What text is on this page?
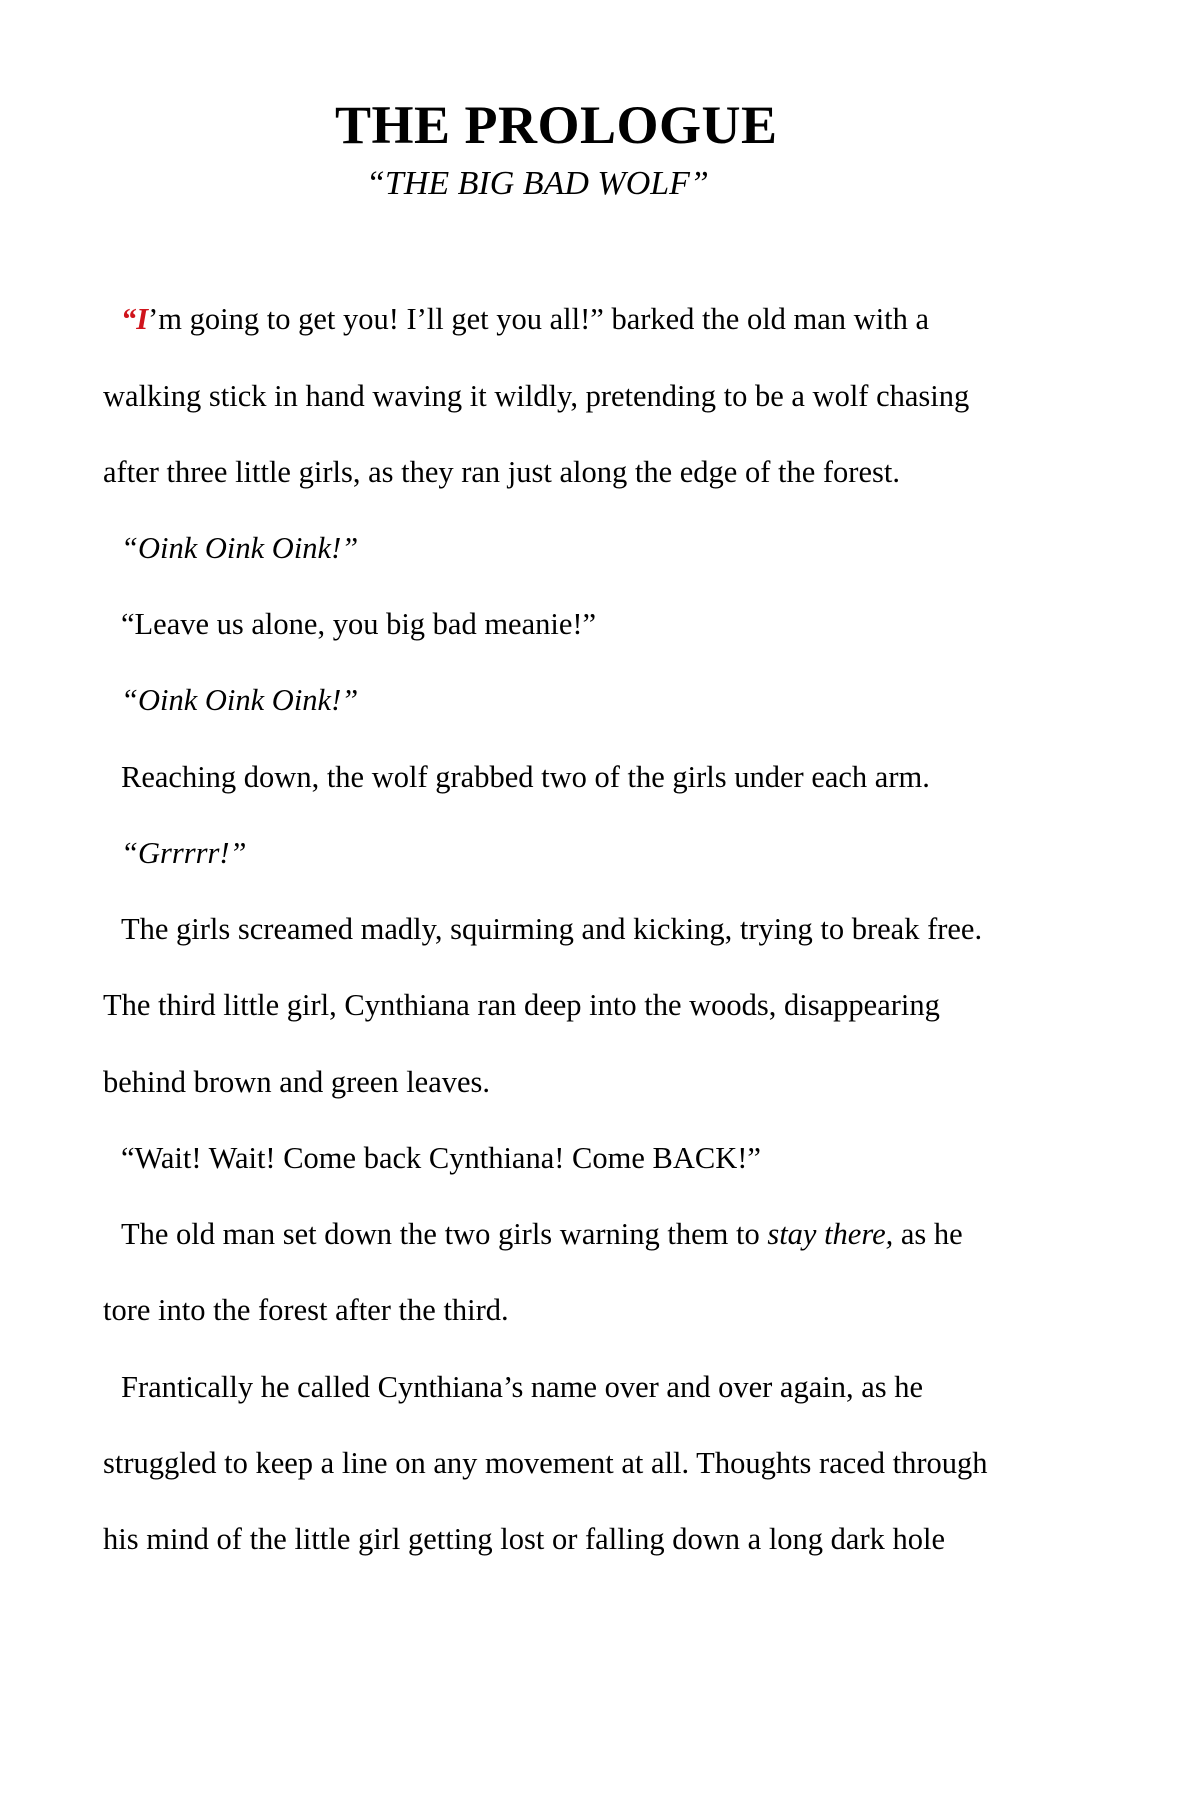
THE PROLOGUE
“THE BIG BAD WOLF”
“I’m going to get you! I’ll get you all!” barked the old man with a
walking stick in hand waving it wildly, pretending to be a wolf chasing
after three little girls, as they ran just along the edge of the forest.
“Oink Oink Oink!”
“Leave us alone, you big bad meanie!”
“Oink Oink Oink!”
Reaching down, the wolf grabbed two of the girls under each arm.
“Grrrrr!”
The girls screamed madly, squirming and kicking, trying to break free.
The third little girl, Cynthiana ran deep into the woods, disappearing
behind brown and green leaves.
“Wait! Wait! Come back Cynthiana! Come BACK!”
The old man set down the two girls warning them to stay there, as he
tore into the forest after the third.
Frantically he called Cynthiana’s name over and over again, as he
struggled to keep a line on any movement at all. Thoughts raced through
his mind of the little girl getting lost or falling down a long dark hole
